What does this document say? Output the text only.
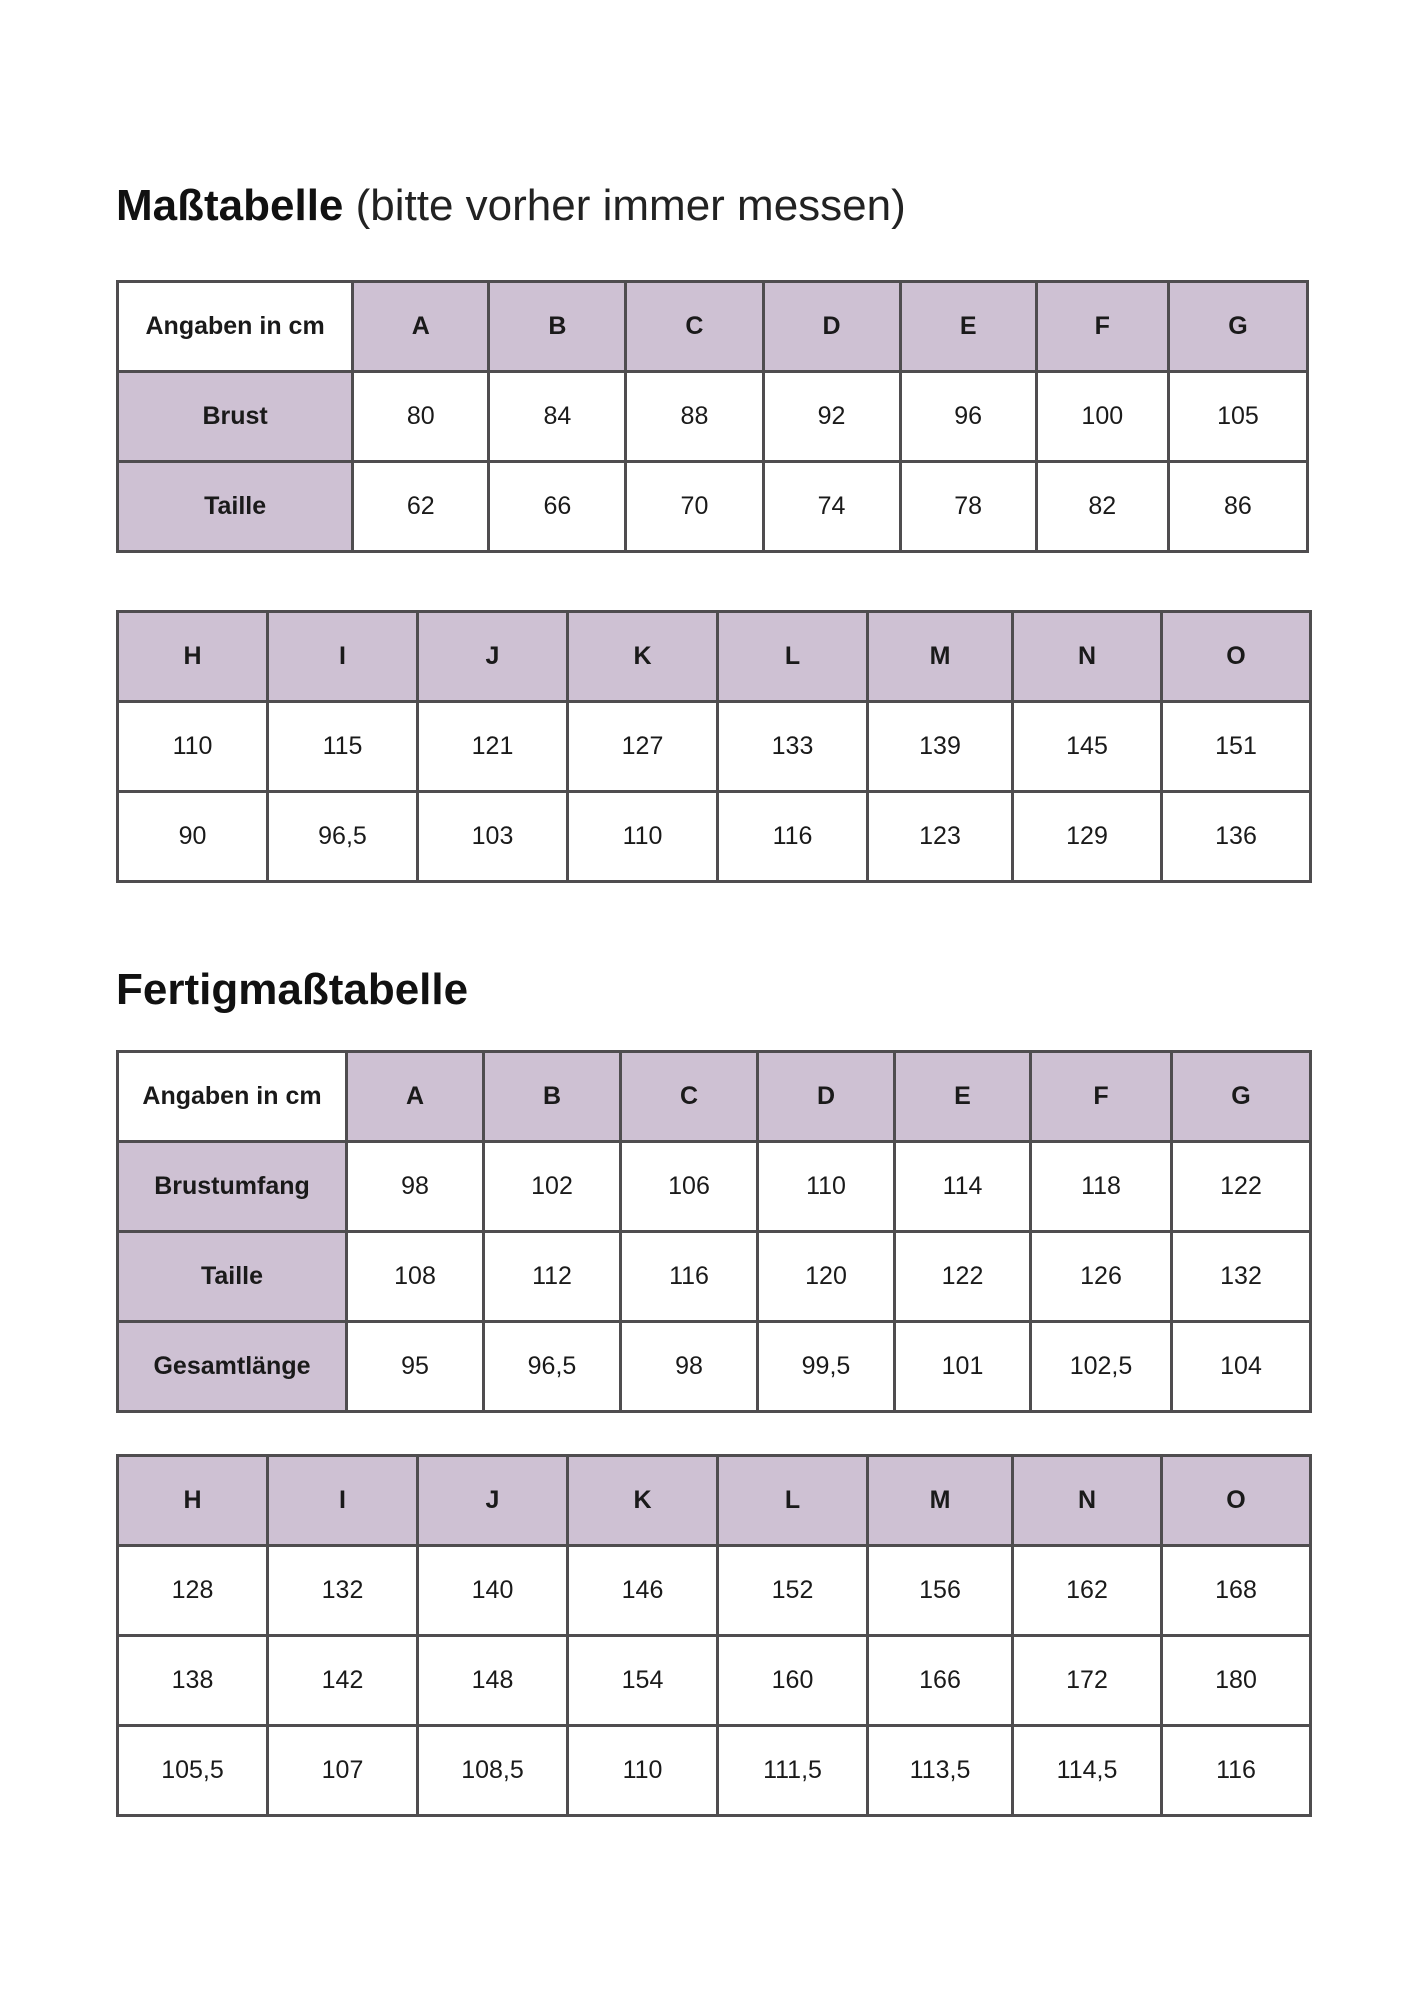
Maßtabelle (bitte vorher immer messen)
Angaben in cm	A	B	C	D	E	F	G
Brust	80	84	88	92	96	100	105
Taille	62	66	70	74	78	82	86
H	I	J	K	L	M	N	O
110	115	121	127	133	139	145	151
90	96,5	103	110	116	123	129	136
Fertigmaßtabelle
Angaben in cm	A	B	C	D	E	F	G
Brustumfang	98	102	106	110	114	118	122
Taille	108	112	116	120	122	126	132
Gesamtlänge	95	96,5	98	99,5	101	102,5	104
H	I	J	K	L	M	N	O
128	132	140	146	152	156	162	168
138	142	148	154	160	166	172	180
105,5	107	108,5	110	111,5	113,5	114,5	116
